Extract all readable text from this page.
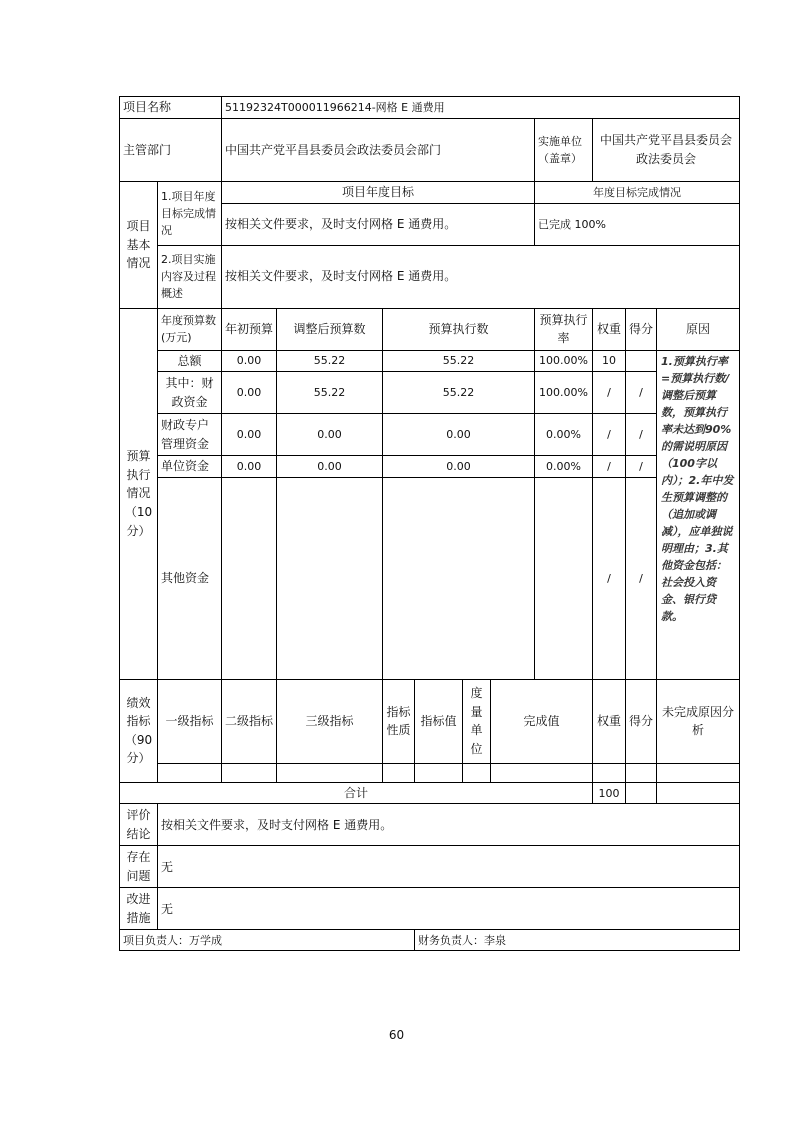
项目名称		51192324T000011966214-网格 E 通费用									
主管部门		中国共产党平昌县委员会政法委员会部门						实施单位（盖章）	中国共产党平昌县委员会政法委员会		
项目基本情况	1.项目年度目标完成情况	项目年度目标						年度目标完成情况			
		按相关文件要求，及时支付网格 E 通费用。						已完成 100%			
	2.项目实施内容及过程概述	按相关文件要求，及时支付网格 E 通费用。									
预算执行情况（10分）	年度预算数(万元)	年初预算	调整后预算数	预算执行数				预算执行率	权重	得分	原因
	总额	0.00	55.22	55.22				100.00%	10		1.预算执行率=预算执行数/调整后预算数，预算执行率未达到90%的需说明原因（100字以内）；2.年中发生预算调整的（追加或调减），应单独说明理由；3.其他资金包括：社会投入资金、银行贷款。
	其中：财政资金	0.00	55.22	55.22				100.00%	/	/	
	财政专户管理资金	0.00	0.00	0.00				0.00%	/	/	
	单位资金	0.00	0.00	0.00				0.00%	/	/	
	其他资金								/	/	
绩效指标（90分）	一级指标	二级指标	三级指标	指标性质	指标值	度量单位	完成值		权重	得分	未完成原因分析

合计									100		
评价结论	按相关文件要求，及时支付网格 E 通费用。										
存在问题	无										
改进措施	无										
项目负责人：万学成					财务负责人：李泉						
60
